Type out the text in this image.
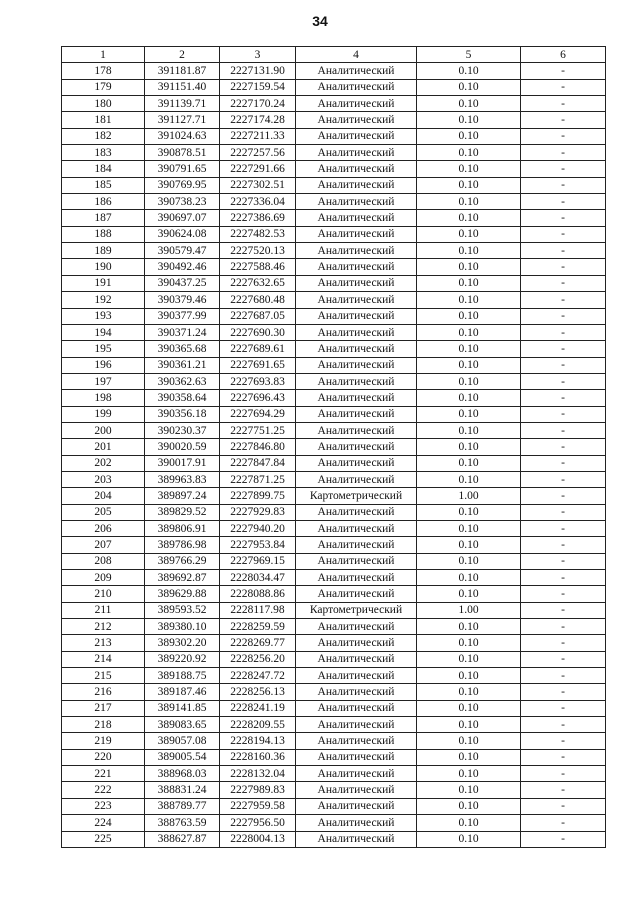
34
1	2	3	4	5	6
178	391181.87	2227131.90	Аналитический	0.10	-
179	391151.40	2227159.54	Аналитический	0.10	-
180	391139.71	2227170.24	Аналитический	0.10	-
181	391127.71	2227174.28	Аналитический	0.10	-
182	391024.63	2227211.33	Аналитический	0.10	-
183	390878.51	2227257.56	Аналитический	0.10	-
184	390791.65	2227291.66	Аналитический	0.10	-
185	390769.95	2227302.51	Аналитический	0.10	-
186	390738.23	2227336.04	Аналитический	0.10	-
187	390697.07	2227386.69	Аналитический	0.10	-
188	390624.08	2227482.53	Аналитический	0.10	-
189	390579.47	2227520.13	Аналитический	0.10	-
190	390492.46	2227588.46	Аналитический	0.10	-
191	390437.25	2227632.65	Аналитический	0.10	-
192	390379.46	2227680.48	Аналитический	0.10	-
193	390377.99	2227687.05	Аналитический	0.10	-
194	390371.24	2227690.30	Аналитический	0.10	-
195	390365.68	2227689.61	Аналитический	0.10	-
196	390361.21	2227691.65	Аналитический	0.10	-
197	390362.63	2227693.83	Аналитический	0.10	-
198	390358.64	2227696.43	Аналитический	0.10	-
199	390356.18	2227694.29	Аналитический	0.10	-
200	390230.37	2227751.25	Аналитический	0.10	-
201	390020.59	2227846.80	Аналитический	0.10	-
202	390017.91	2227847.84	Аналитический	0.10	-
203	389963.83	2227871.25	Аналитический	0.10	-
204	389897.24	2227899.75	Картометрический	1.00	-
205	389829.52	2227929.83	Аналитический	0.10	-
206	389806.91	2227940.20	Аналитический	0.10	-
207	389786.98	2227953.84	Аналитический	0.10	-
208	389766.29	2227969.15	Аналитический	0.10	-
209	389692.87	2228034.47	Аналитический	0.10	-
210	389629.88	2228088.86	Аналитический	0.10	-
211	389593.52	2228117.98	Картометрический	1.00	-
212	389380.10	2228259.59	Аналитический	0.10	-
213	389302.20	2228269.77	Аналитический	0.10	-
214	389220.92	2228256.20	Аналитический	0.10	-
215	389188.75	2228247.72	Аналитический	0.10	-
216	389187.46	2228256.13	Аналитический	0.10	-
217	389141.85	2228241.19	Аналитический	0.10	-
218	389083.65	2228209.55	Аналитический	0.10	-
219	389057.08	2228194.13	Аналитический	0.10	-
220	389005.54	2228160.36	Аналитический	0.10	-
221	388968.03	2228132.04	Аналитический	0.10	-
222	388831.24	2227989.83	Аналитический	0.10	-
223	388789.77	2227959.58	Аналитический	0.10	-
224	388763.59	2227956.50	Аналитический	0.10	-
225	388627.87	2228004.13	Аналитический	0.10	-
